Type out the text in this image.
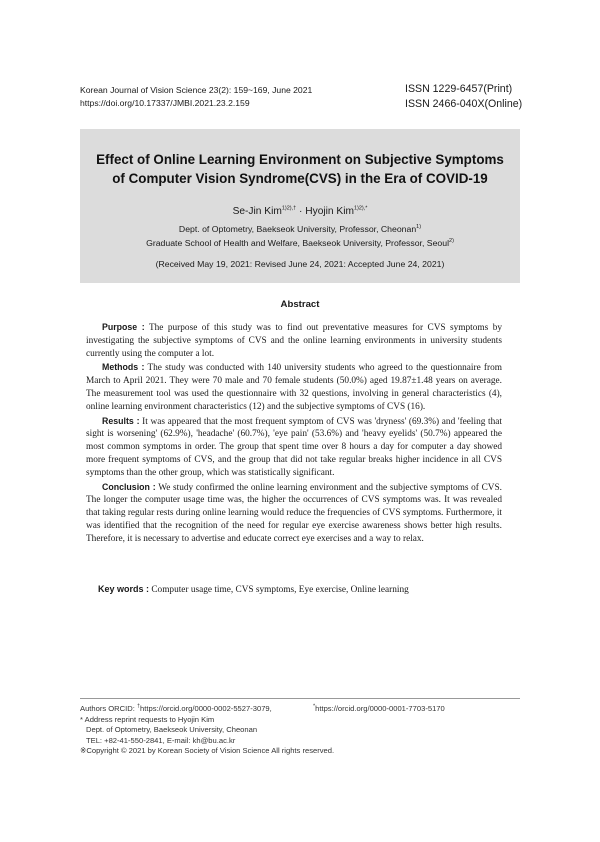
Korean Journal of Vision Science 23(2): 159~169, June 2021
https://doi.org/10.17337/JMBI.2021.23.2.159
ISSN 1229-6457(Print)
ISSN 2466-040X(Online)
Effect of Online Learning Environment on Subjective Symptoms
of Computer Vision Syndrome(CVS) in the Era of COVID-19
Se-Jin Kim$^{1)2),\dagger}$ · Hyojin Kim$^{1)2),*}$
Dept. of Optometry, Baekseok University, Professor, Cheonan$^{1)}$
Graduate School of Health and Welfare, Baekseok University, Professor, Seoul$^{2)}$
(Received May 19, 2021: Revised June 24, 2021: Accepted June 24, 2021)
Abstract

Purpose : The purpose of this study was to find out preventative measures for CVS symptoms by investigating the subjective symptoms of CVS and the online learning environments in university students currently using the computer a lot.

Methods : The study was conducted with 140 university students who agreed to the questionnaire from March to April 2021. They were 70 male and 70 female students (50.0%) aged 19.87±1.48 years on average. The measurement tool was used the questionnaire with 32 questions, involving in general characteristics (4), online learning environment characteristics (12) and the subjective symptoms of CVS (16).

Results : It was appeared that the most frequent symptom of CVS was 'dryness' (69.3%) and 'feeling that sight is worsening' (62.9%), 'headache' (60.7%), 'eye pain' (53.6%) and 'heavy eyelids' (50.7%) appeared the most common symptoms in order. The group that spent time over 8 hours a day for computer a day showed more frequent symptoms of CVS, and the group that did not take regular breaks higher incidence in all CVS symptoms than the other group, which was statistically significant.

Conclusion : We study confirmed the online learning environment and the subjective symptoms of CVS. The longer the computer usage time was, the higher the occurrences of CVS symptoms was. It was revealed that taking regular rests during online learning would reduce the frequencies of CVS symptoms. Furthermore, it was identified that the recognition of the need for regular eye exercise awareness shows better high results. Therefore, it is necessary to advertise and educate correct eye exercises and a way to relax.

Key words : Computer usage time, CVS symptoms, Eye exercise, Online learning
Authors ORCID: †https://orcid.org/0000-0002-5527-3079,	*https://orcid.org/0000-0001-7703-5170
* Address reprint requests to Hyojin Kim
Dept. of Optometry, Baekseok University, Cheonan
TEL: +82-41-550-2841, E-mail: kh@bu.ac.kr
※Copyright © 2021 by Korean Society of Vision Science All rights reserved.
